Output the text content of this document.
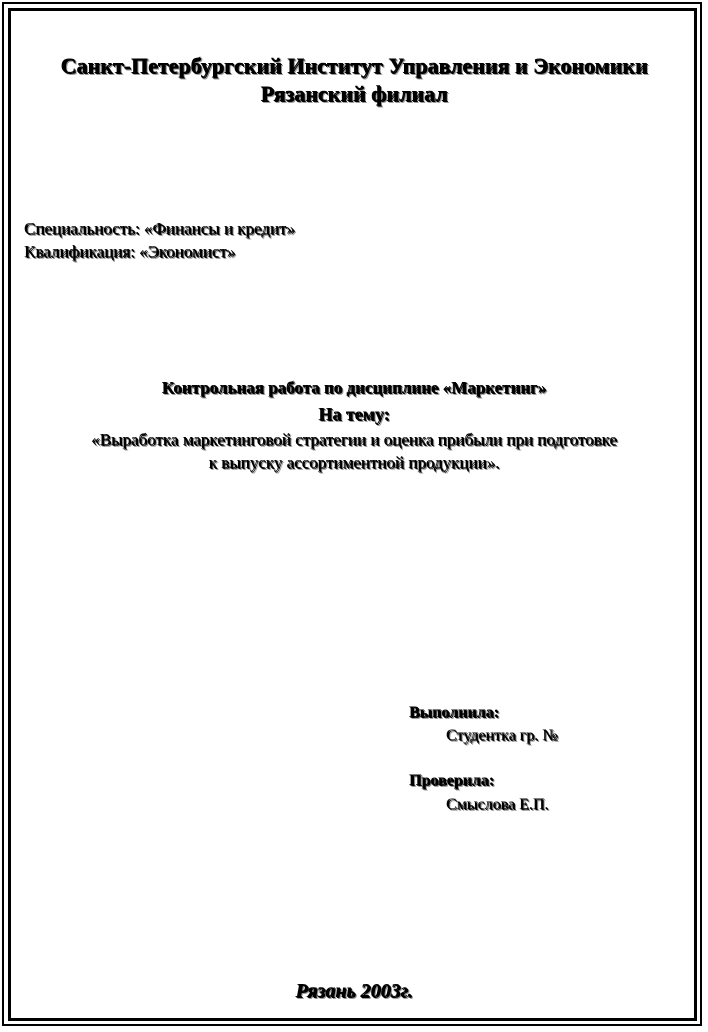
Санкт-Петербургский Институт Управления и Экономики
Рязанский филиал
Специальность: «Финансы и кредит»
Квалификация: «Экономист»
Контрольная работа по дисциплине «Маркетинг»
На тему:
«Выработка маркетинговой стратегии и оценка прибыли при подготовке
к выпуску ассортиментной продукции».
Выполнила:
Студентка гр. №
Проверила:
Смыслова Е.П.
Рязань 2003г.
